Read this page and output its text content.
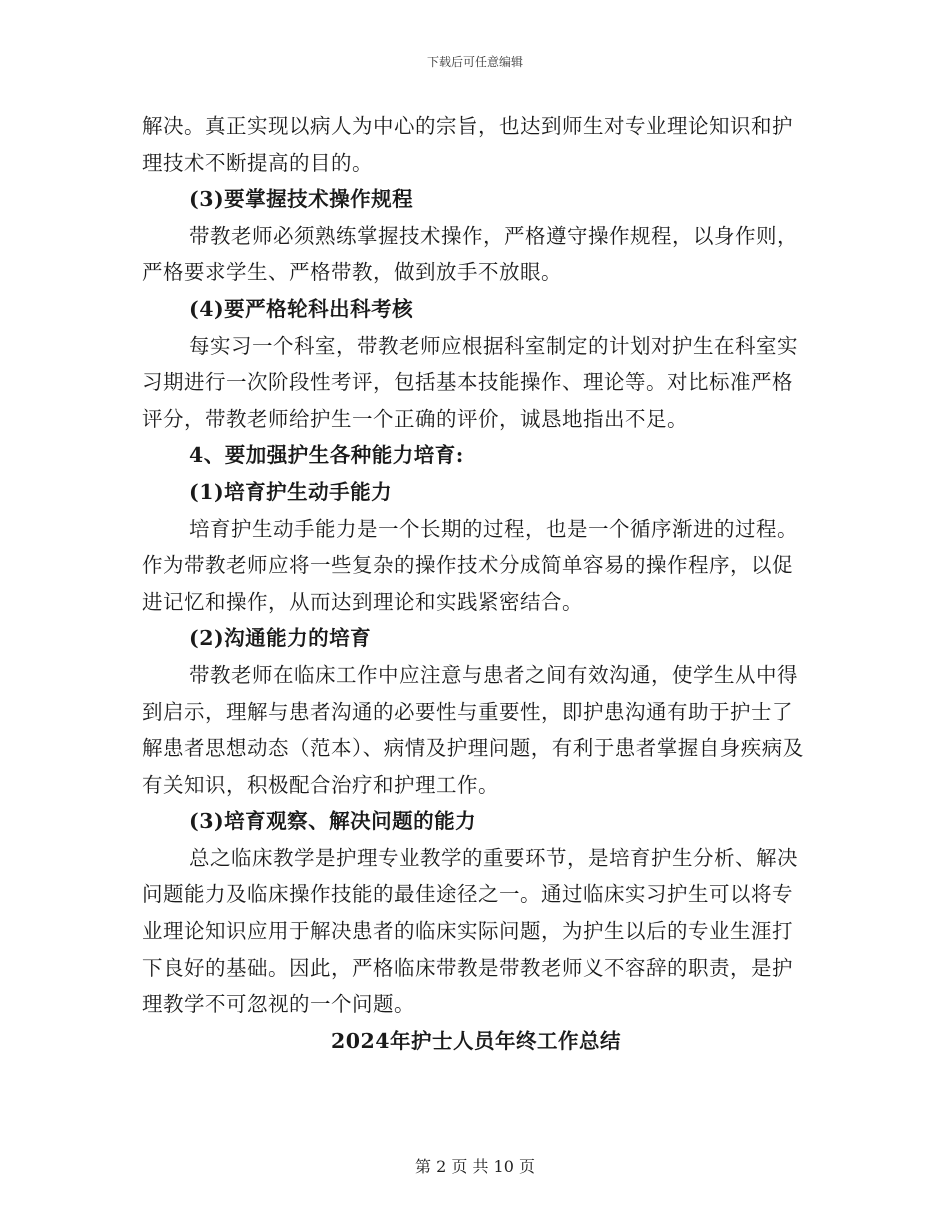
下载后可任意编辑

解决。真正实现以病人为中心的宗旨，也达到师生对专业理论知识和护理技术不断提高的目的。

(3)要掌握技术操作规程

带教老师必须熟练掌握技术操作，严格遵守操作规程，以身作则，严格要求学生、严格带教，做到放手不放眼。

(4)要严格轮科出科考核

每实习一个科室，带教老师应根据科室制定的计划对护生在科室实习期进行一次阶段性考评，包括基本技能操作、理论等。对比标准严格评分，带教老师给护生一个正确的评价，诚恳地指出不足。

4、要加强护生各种能力培育:

(1)培育护生动手能力

培育护生动手能力是一个长期的过程，也是一个循序渐进的过程。作为带教老师应将一些复杂的操作技术分成简单容易的操作程序，以促进记忆和操作，从而达到理论和实践紧密结合。

(2)沟通能力的培育

带教老师在临床工作中应注意与患者之间有效沟通，使学生从中得到启示，理解与患者沟通的必要性与重要性，即护患沟通有助于护士了解患者思想动态（范本）、病情及护理问题，有利于患者掌握自身疾病及有关知识，积极配合治疗和护理工作。

(3)培育观察、解决问题的能力

总之临床教学是护理专业教学的重要环节，是培育护生分析、解决问题能力及临床操作技能的最佳途径之一。通过临床实习护生可以将专业理论知识应用于解决患者的临床实际问题，为护生以后的专业生涯打下良好的基础。因此，严格临床带教是带教老师义不容辞的职责，是护理教学不可忽视的一个问题。

2024年护士人员年终工作总结

第 2 页 共 10 页
